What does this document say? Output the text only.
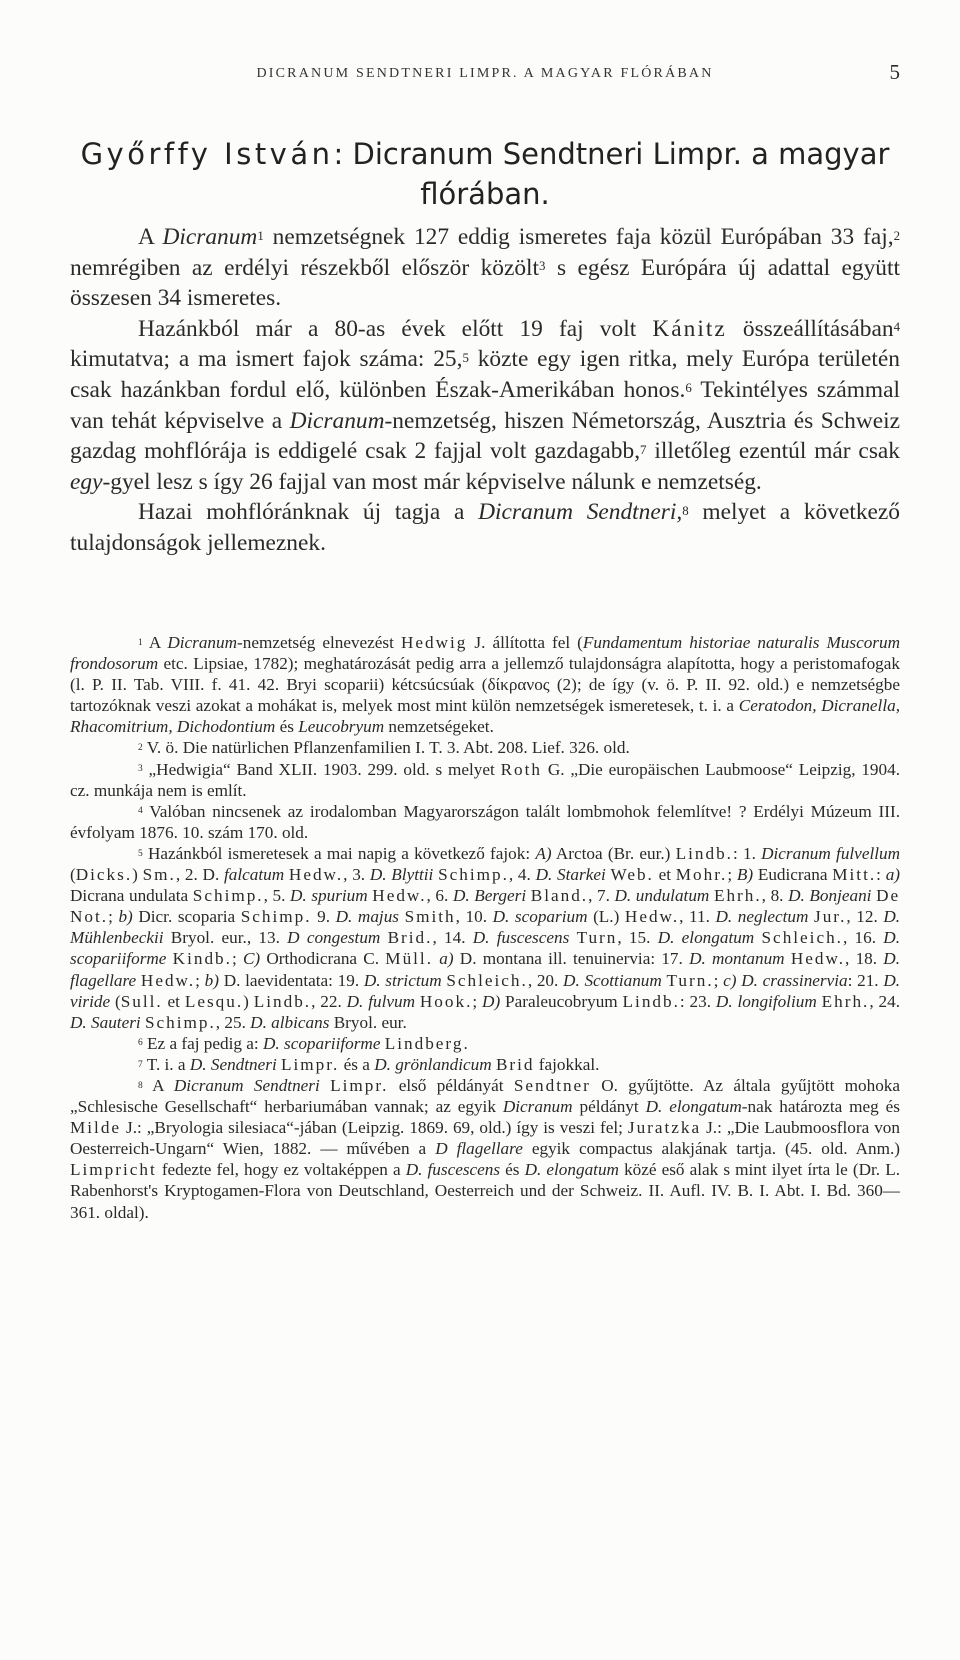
DICRANUM SENDTNERI LIMPR. A MAGYAR FLÓRÁBAN	5
Győrffy István: Dicranum Sendtneri Limpr. a magyar flórában.

A Dicranum$^1$ nemzetségnek 127 eddig ismeretes faja közül Európában 33 faj,$^2$ nemrégiben az erdélyi részekből először közölt$^3$ s egész Európára új adattal együtt összesen 34 ismeretes.

Hazánkból már a 80-as évek előtt 19 faj volt Kánitz összeállításában$^4$ kimutatva; a ma ismert fajok száma: 25,$^5$ közte egy igen ritka, mely Európa területén csak hazánkban fordul elő, különben Észak-Amerikában honos.$^6$ Tekintélyes számmal van tehát képviselve a Dicranum-nemzetség, hiszen Németország, Ausztria és Schweiz gazdag mohflórája is eddigelé csak 2 fajjal volt gazdagabb,$^7$ illetőleg ezentúl már csak egy-gyel lesz s így 26 fajjal van most már képviselve nálunk e nemzetség.

Hazai mohflóránknak új tagja a Dicranum Sendtneri,$^8$ melyet a következő tulajdonságok jellemeznek.

$^1$ A Dicranum-nemzetség elnevezést Hedwig J. állította fel (Fundamentum historiae naturalis Muscorum frondosorum etc. Lipsiae, 1782); meghatározását pedig arra a jellemző tulajdonságra alapította, hogy a peristomafogak (l. P. II. Tab. VIII. f. 41. 42. Bryi scoparii) kétcsúcsúak (δίκρανος (2); de így (v. ö. P. II. 92. old.) e nemzetségbe tartozóknak veszi azokat a mohákat is, melyek most mint külön nemzetségek ismeretesek, t. i. a Ceratodon, Dicranella, Rhacomitrium, Dichodontium és Leucobryum nemzetségeket.

$^2$ V. ö. Die natürlichen Pflanzenfamilien I. T. 3. Abt. 208. Lief. 326. old.

$^3$ „Hedwigia“ Band XLII. 1903. 299. old. s melyet Roth G. „Die europäischen Laubmoose“ Leipzig, 1904. cz. munkája nem is említ.

$^4$ Valóban nincsenek az irodalomban Magyarországon talált lombmohok felemlítve! ? Erdélyi Múzeum III. évfolyam 1876. 10. szám 170. old.

$^5$ Hazánkból ismeretesek a mai napig a következő fajok: A) Arctoa (Br. eur.) Lindb.: 1. Dicranum fulvellum (Dicks.) Sm., 2. D. falcatum Hedw., 3. D. Blyttii Schimp., 4. D. Starkei Web. et Mohr.; B) Eudicrana Mitt.: a) Dicrana undulata Schimp., 5. D. spurium Hedw., 6. D. Bergeri Bland., 7. D. undulatum Ehrh., 8. D. Bonjeani De Not.; b) Dicr. scoparia Schimp. 9. D. majus Smith, 10. D. scoparium (L.) Hedw., 11. D. neglectum Jur., 12. D. Mühlenbeckii Bryol. eur., 13. D congestum Brid., 14. D. fuscescens Turn, 15. D. elongatum Schleich., 16. D. scopariiforme Kindb.; C) Orthodicrana C. Müll. a) D. montana ill. tenuinervia: 17. D. montanum Hedw., 18. D. flagellare Hedw.; b) D. laevidentata: 19. D. strictum Schleich., 20. D. Scottianum Turn.; c) D. crassinervia: 21. D. viride (Sull. et Lesqu.) Lindb., 22. D. fulvum Hook.; D) Paraleucobryum Lindb.: 23. D. longifolium Ehrh., 24. D. Sauteri Schimp., 25. D. albicans Bryol. eur.

$^6$ Ez a faj pedig a: D. scopariiforme Lindberg.

$^7$ T. i. a D. Sendtneri Limpr. és a D. grönlandicum Brid fajokkal.

$^8$ A Dicranum Sendtneri Limpr. első példányát Sendtner O. gyűjtötte. Az általa gyűjtött mohoka „Schlesische Gesellschaft“ herbariumában vannak; az egyik Dicranum példányt D. elongatum-nak határozta meg és Milde J.: „Bryologia silesiaca“-jában (Leipzig. 1869. 69, old.) így is veszi fel; Juratzka J.: „Die Laubmoosflora von Oesterreich-Ungarn“ Wien, 1882. — művében a D flagellare egyik compactus alakjának tartja. (45. old. Anm.) Limpricht fedezte fel, hogy ez voltaképpen a D. fuscescens és D. elongatum közé eső alak s mint ilyet írta le (Dr. L. Rabenhorst's Kryptogamen-Flora von Deutschland, Oesterreich und der Schweiz. II. Aufl. IV. B. I. Abt. I. Bd. 360—361. oldal).
